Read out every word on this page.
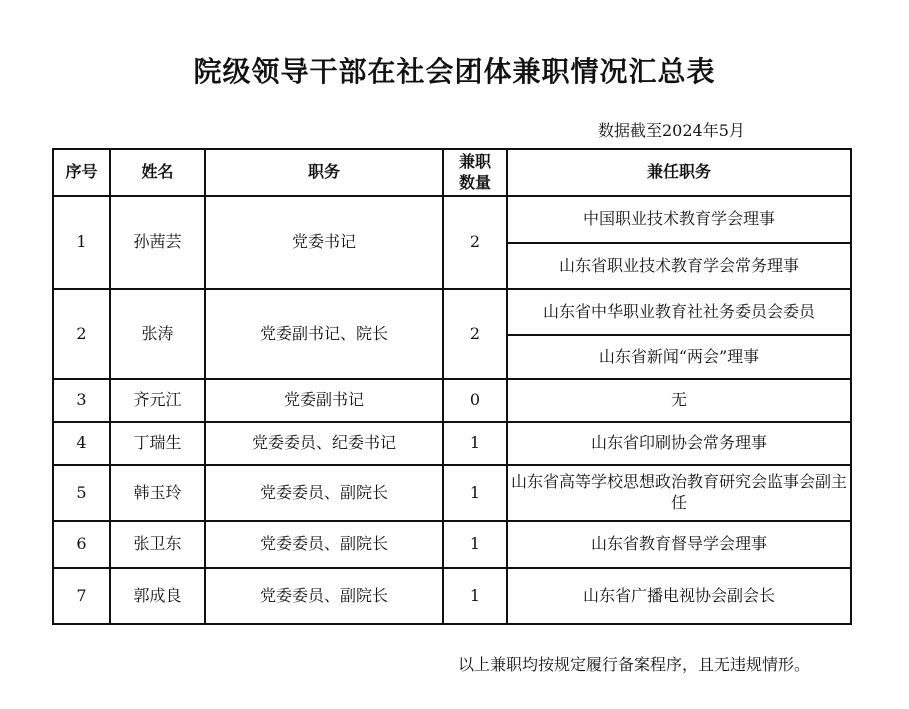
院级领导干部在社会团体兼职情况汇总表
数据截至2024年5月
序号	姓名	职务	兼职数量	兼任职务
1	孙茜芸	党委书记	2	中国职业技术教育学会理事
				山东省职业技术教育学会常务理事
2	张涛	党委副书记、院长	2	山东省中华职业教育社社务委员会委员
				山东省新闻“两会”理事
3	齐元江	党委副书记	0	无
4	丁瑞生	党委委员、纪委书记	1	山东省印刷协会常务理事
5	韩玉玲	党委委员、副院长	1	山东省高等学校思想政治教育研究会监事会副主任
6	张卫东	党委委员、副院长	1	山东省教育督导学会理事
7	郭成良	党委委员、副院长	1	山东省广播电视协会副会长
以上兼职均按规定履行备案程序，且无违规情形。
